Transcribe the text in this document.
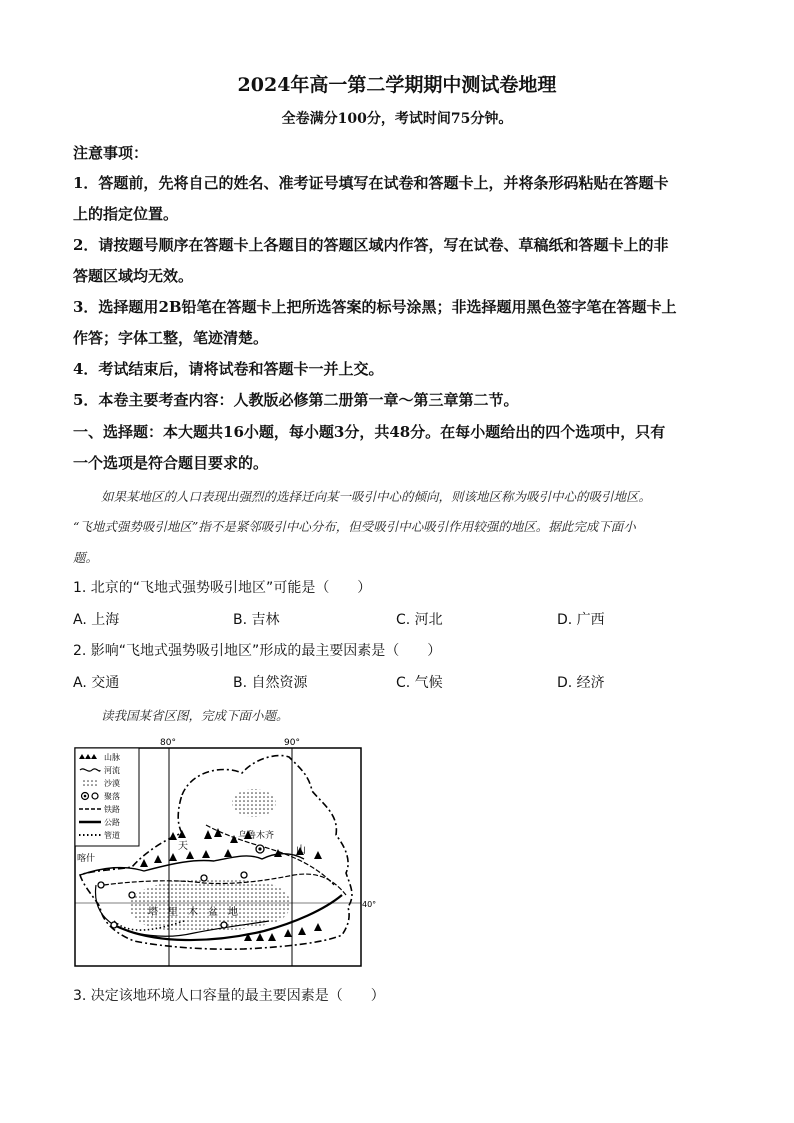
2024年高一第二学期期中测试卷地理
全卷满分100分，考试时间75分钟。
注意事项：
1．答题前，先将自己的姓名、准考证号填写在试卷和答题卡上，并将条形码粘贴在答题卡
上的指定位置。
2．请按题号顺序在答题卡上各题目的答题区域内作答，写在试卷、草稿纸和答题卡上的非
答题区域均无效。
3．选择题用2B铅笔在答题卡上把所选答案的标号涂黑；非选择题用黑色签字笔在答题卡上
作答；字体工整，笔迹清楚。
4．考试结束后，请将试卷和答题卡一并上交。
5．本卷主要考查内容：人教版必修第二册第一章～第三章第二节。
一、选择题：本大题共16小题，每小题3分，共48分。在每小题给出的四个选项中，只有
一个选项是符合题目要求的。
如果某地区的人口表现出强烈的选择迁向某一吸引中心的倾向，则该地区称为吸引中心的吸引地区。
“飞地式强势吸引地区”指不是紧邻吸引中心分布，但受吸引中心吸引作用较强的地区。据此完成下面小
题。
1. 北京的“飞地式强势吸引地区”可能是（　　）
A. 上海	B. 吉林	C. 河北	D. 广西
2. 影响“飞地式强势吸引地区”形成的最主要因素是（　　）
A. 交通	B. 自然资源	C. 气候	D. 经济
读我国某省区图，完成下面小题。
80°	90°
40°
乌鲁木齐
喀什
天	山
塔 里 木 盆 地
山脉
河流
沙漠
聚落
铁路
公路
管道
3. 决定该地环境人口容量的最主要因素是（　　）
